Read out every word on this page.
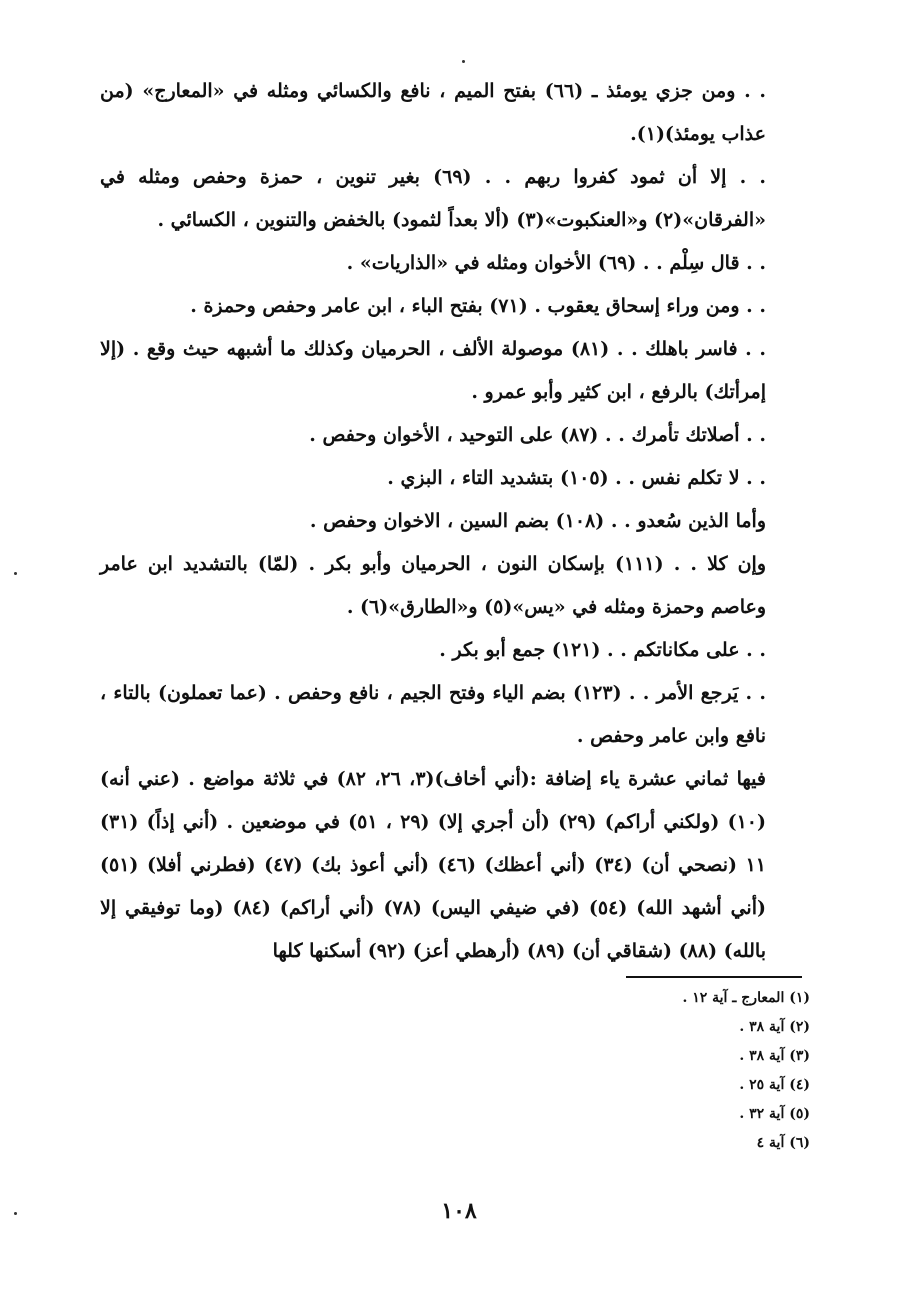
. . ومن جزي يومئذ ـ (٦٦) بفتح الميم ، نافع والكسائي ومثله في «المعارج» (من عذاب يومئذ)(١).

. . إلا أن ثمود كفروا ربهم . . (٦٩) بغير تنوين ، حمزة وحفص ومثله في «الفرقان»(٢) و«العنكبوت»(٣) (ألا بعداً لثمود) بالخفض والتنوين ، الكسائي .

. . قال سِلْم . . (٦٩) الأخوان ومثله في «الذاريات» .

. . ومن وراء إسحاق يعقوب . (٧١) بفتح الباء ، ابن عامر وحفص وحمزة .

. . فاسر باهلك . . (٨١) موصولة الألف ، الحرميان وكذلك ما أشبهه حيث وقع . (إلا إمرأتك) بالرفع ، ابن كثير وأبو عمرو .

. . أصلاتك تأمرك . . (٨٧) على التوحيد ، الأخوان وحفص .

. . لا تكلم نفس . . (١٠٥) بتشديد التاء ، البزي .

وأما الذين سُعدو . . (١٠٨) بضم السين ، الاخوان وحفص .

وإن كلا . . (١١١) بإسكان النون ، الحرميان وأبو بكر . (لمّا) بالتشديد ابن عامر وعاصم وحمزة ومثله في «يس»(٥) و«الطارق»(٦) .

. . على مكاناتكم . . (١٢١) جمع أبو بكر .

. . يَرجع الأمر . . (١٢٣) بضم الياء وفتح الجيم ، نافع وحفص . (عما تعملون) بالتاء ، نافع وابن عامر وحفص .

فيها ثماني عشرة ياء إضافة :(أني أخاف)(٣، ٢٦، ٨٢) في ثلاثة مواضع . (عني أنه) (١٠) (ولكني أراكم) (٢٩) (أن أجري إلا) (٢٩ ، ٥١) في موضعين . (أني إذاً) (٣١) ١١ (نصحي أن) (٣٤) (أني أعظك) (٤٦) (أني أعوذ بك) (٤٧) (فطرني أفلا) (٥١) (أني أشهد الله) (٥٤) (في ضيفي اليس) (٧٨) (أني أراكم) (٨٤) (وما توفيقي إلا بالله) (٨٨) (شقاقي أن) (٨٩) (أرهطي أعز) (٩٢) أسكنها كلها

(١) المعارج ـ آية ١٢ .

(٢) آية ٣٨ .

(٣) آية ٣٨ .

(٤) آية ٢٥ .

(٥) آية ٣٢ .

(٦) آية ٤

١٠٨
